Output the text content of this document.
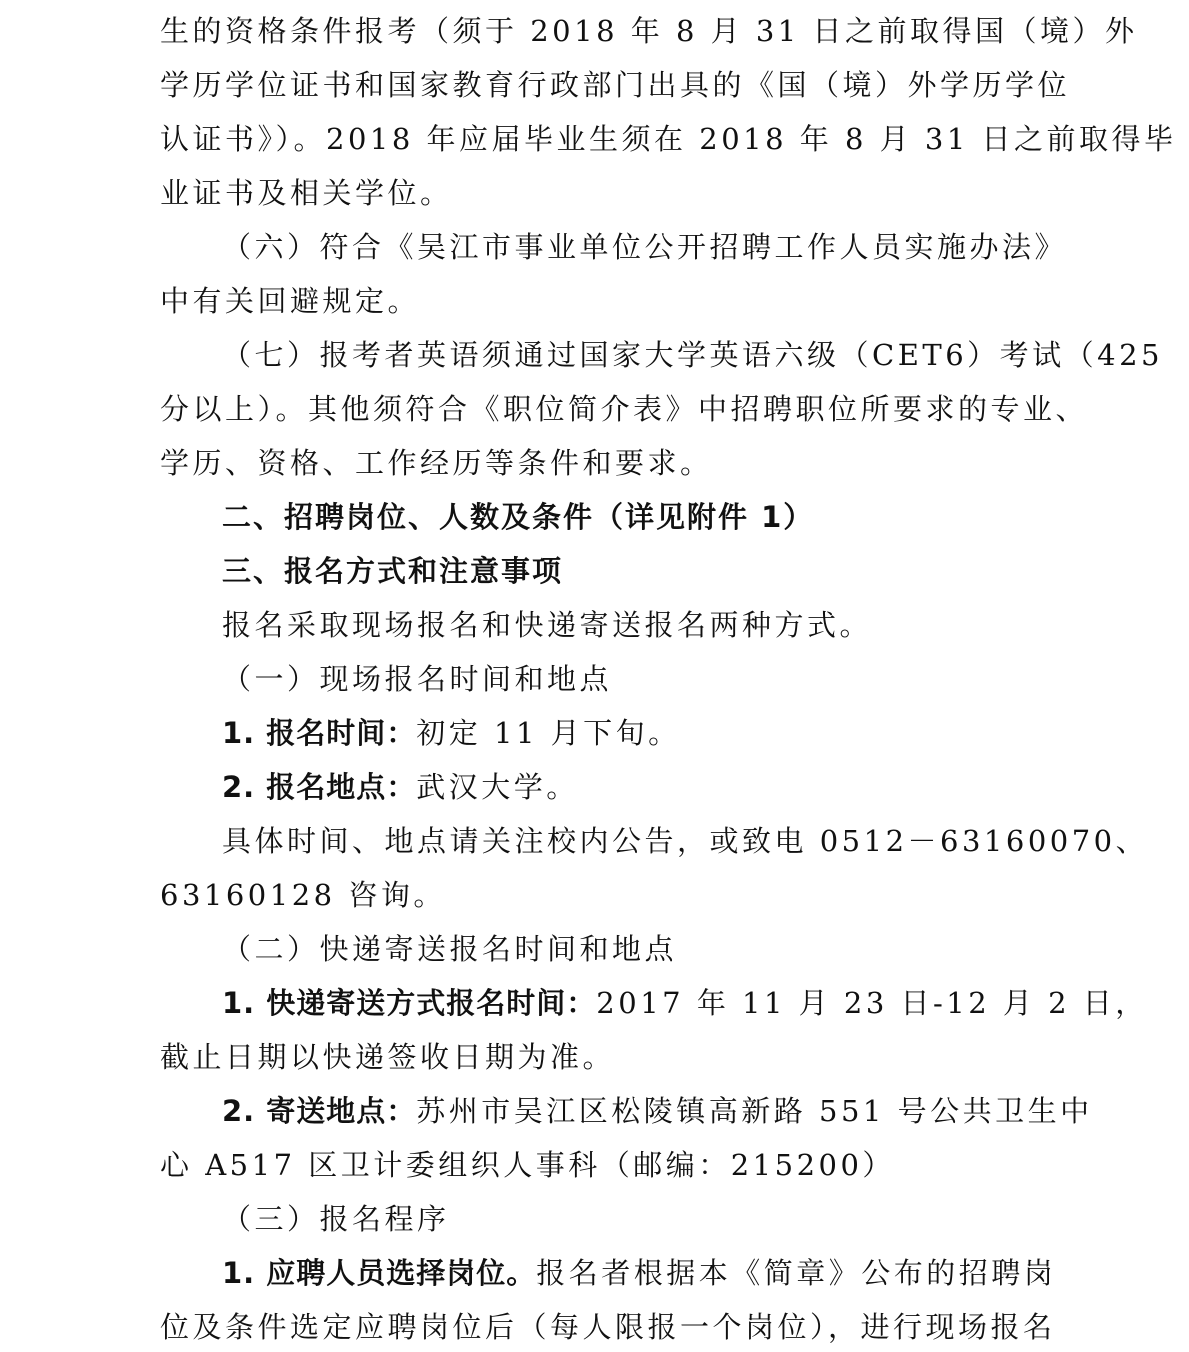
生的资格条件报考（须于 2018 年 8 月 31 日之前取得国（境）外
学历学位证书和国家教育行政部门出具的《国（境）外学历学位
认证书》）。2018 年应届毕业生须在 2018 年 8 月 31 日之前取得毕
业证书及相关学位。
（六）符合《吴江市事业单位公开招聘工作人员实施办法》
中有关回避规定。
（七）报考者英语须通过国家大学英语六级（CET6）考试（425
分以上）。其他须符合《职位简介表》中招聘职位所要求的专业、
学历、资格、工作经历等条件和要求。
二、招聘岗位、人数及条件（详见附件 1）
三、报名方式和注意事项
报名采取现场报名和快递寄送报名两种方式。
（一）现场报名时间和地点
1. 报名时间：初定 11 月下旬。
2. 报名地点：武汉大学。
具体时间、地点请关注校内公告，或致电 0512－63160070、
63160128 咨询。
（二）快递寄送报名时间和地点
1. 快递寄送方式报名时间：2017 年 11 月 23 日-12 月 2 日，
截止日期以快递签收日期为准。
2. 寄送地点：苏州市吴江区松陵镇高新路 551 号公共卫生中
心 A517 区卫计委组织人事科（邮编：215200）
（三）报名程序
1. 应聘人员选择岗位。报名者根据本《简章》公布的招聘岗
位及条件选定应聘岗位后（每人限报一个岗位），进行现场报名
